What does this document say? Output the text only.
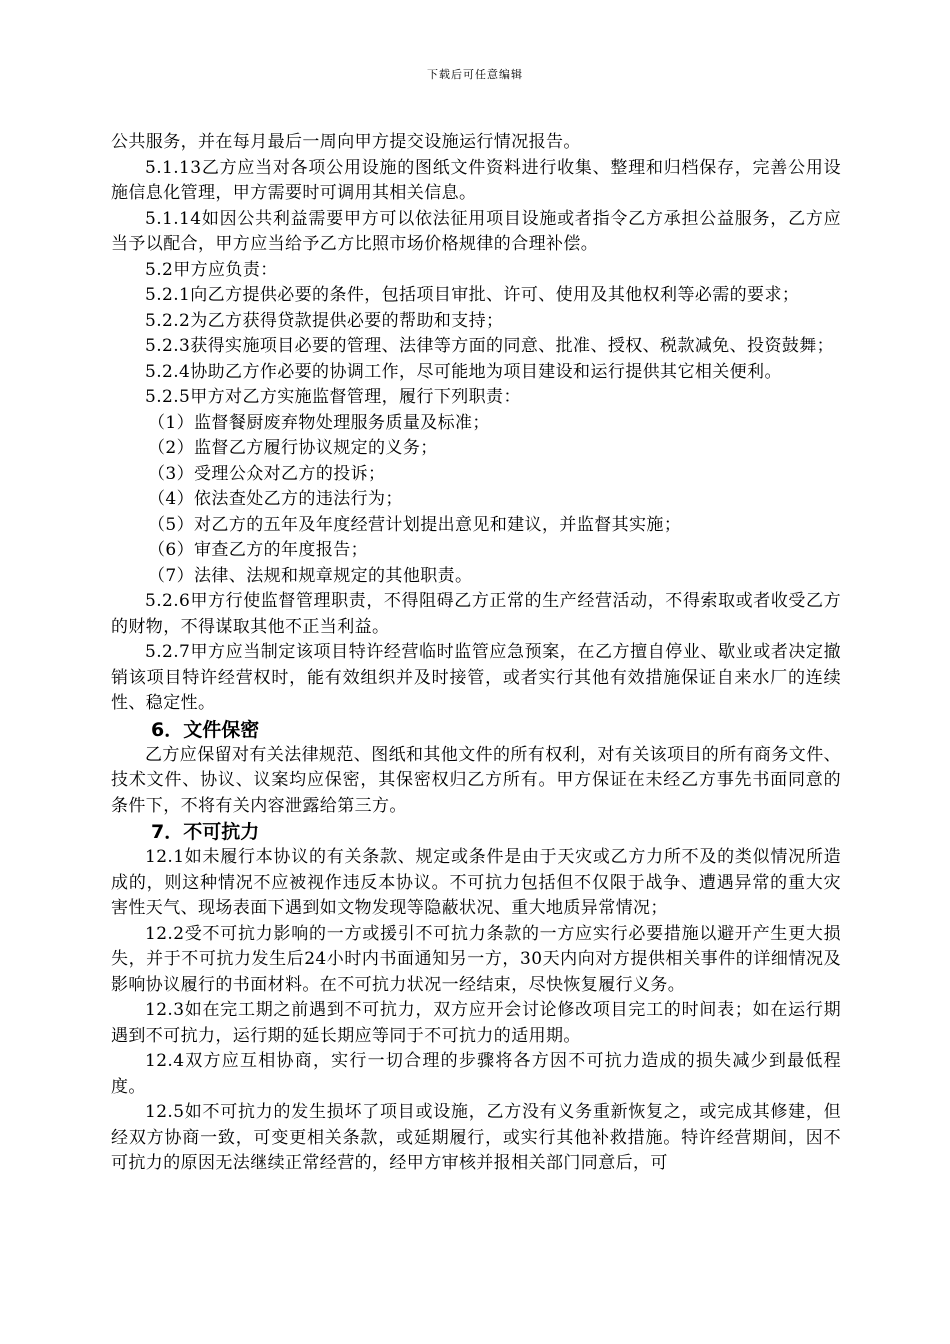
下载后可任意编辑

公共服务，并在每月最后一周向甲方提交设施运行情况报告。

5.1.13乙方应当对各项公用设施的图纸文件资料进行收集、整理和归档保存，完善公用设施信息化管理，甲方需要时可调用其相关信息。

5.1.14如因公共利益需要甲方可以依法征用项目设施或者指令乙方承担公益服务，乙方应当予以配合，甲方应当给予乙方比照市场价格规律的合理补偿。

5.2甲方应负责：

5.2.1向乙方提供必要的条件，包括项目审批、许可、使用及其他权利等必需的要求；

5.2.2为乙方获得贷款提供必要的帮助和支持；

5.2.3获得实施项目必要的管理、法律等方面的同意、批准、授权、税款减免、投资鼓舞；

5.2.4协助乙方作必要的协调工作，尽可能地为项目建设和运行提供其它相关便利。

5.2.5甲方对乙方实施监督管理，履行下列职责：

（1）监督餐厨废弃物处理服务质量及标准；

（2）监督乙方履行协议规定的义务；

（3）受理公众对乙方的投诉；

（4）依法查处乙方的违法行为；

（5）对乙方的五年及年度经营计划提出意见和建议，并监督其实施；

（6）审查乙方的年度报告；

（7）法律、法规和规章规定的其他职责。

5.2.6甲方行使监督管理职责，不得阻碍乙方正常的生产经营活动，不得索取或者收受乙方的财物，不得谋取其他不正当利益。

5.2.7甲方应当制定该项目特许经营临时监管应急预案，在乙方擅自停业、歇业或者决定撤销该项目特许经营权时，能有效组织并及时接管，或者实行其他有效措施保证自来水厂的连续性、稳定性。

6．文件保密

乙方应保留对有关法律规范、图纸和其他文件的所有权利，对有关该项目的所有商务文件、技术文件、协议、议案均应保密，其保密权归乙方所有。甲方保证在未经乙方事先书面同意的条件下，不将有关内容泄露给第三方。

7．不可抗力

12.1如未履行本协议的有关条款、规定或条件是由于天灾或乙方力所不及的类似情况所造成的，则这种情况不应被视作违反本协议。不可抗力包括但不仅限于战争、遭遇异常的重大灾害性天气、现场表面下遇到如文物发现等隐蔽状况、重大地质异常情况；

12.2受不可抗力影响的一方或援引不可抗力条款的一方应实行必要措施以避开产生更大损失，并于不可抗力发生后24小时内书面通知另一方，30天内向对方提供相关事件的详细情况及影响协议履行的书面材料。在不可抗力状况一经结束，尽快恢复履行义务。

12.3如在完工期之前遇到不可抗力，双方应开会讨论修改项目完工的时间表；如在运行期遇到不可抗力，运行期的延长期应等同于不可抗力的适用期。

12.4双方应互相协商，实行一切合理的步骤将各方因不可抗力造成的损失减少到最低程度。

12.5如不可抗力的发生损坏了项目或设施，乙方没有义务重新恢复之，或完成其修建，但经双方协商一致，可变更相关条款，或延期履行，或实行其他补救措施。特许经营期间，因不可抗力的原因无法继续正常经营的，经甲方审核并报相关部门同意后，可
